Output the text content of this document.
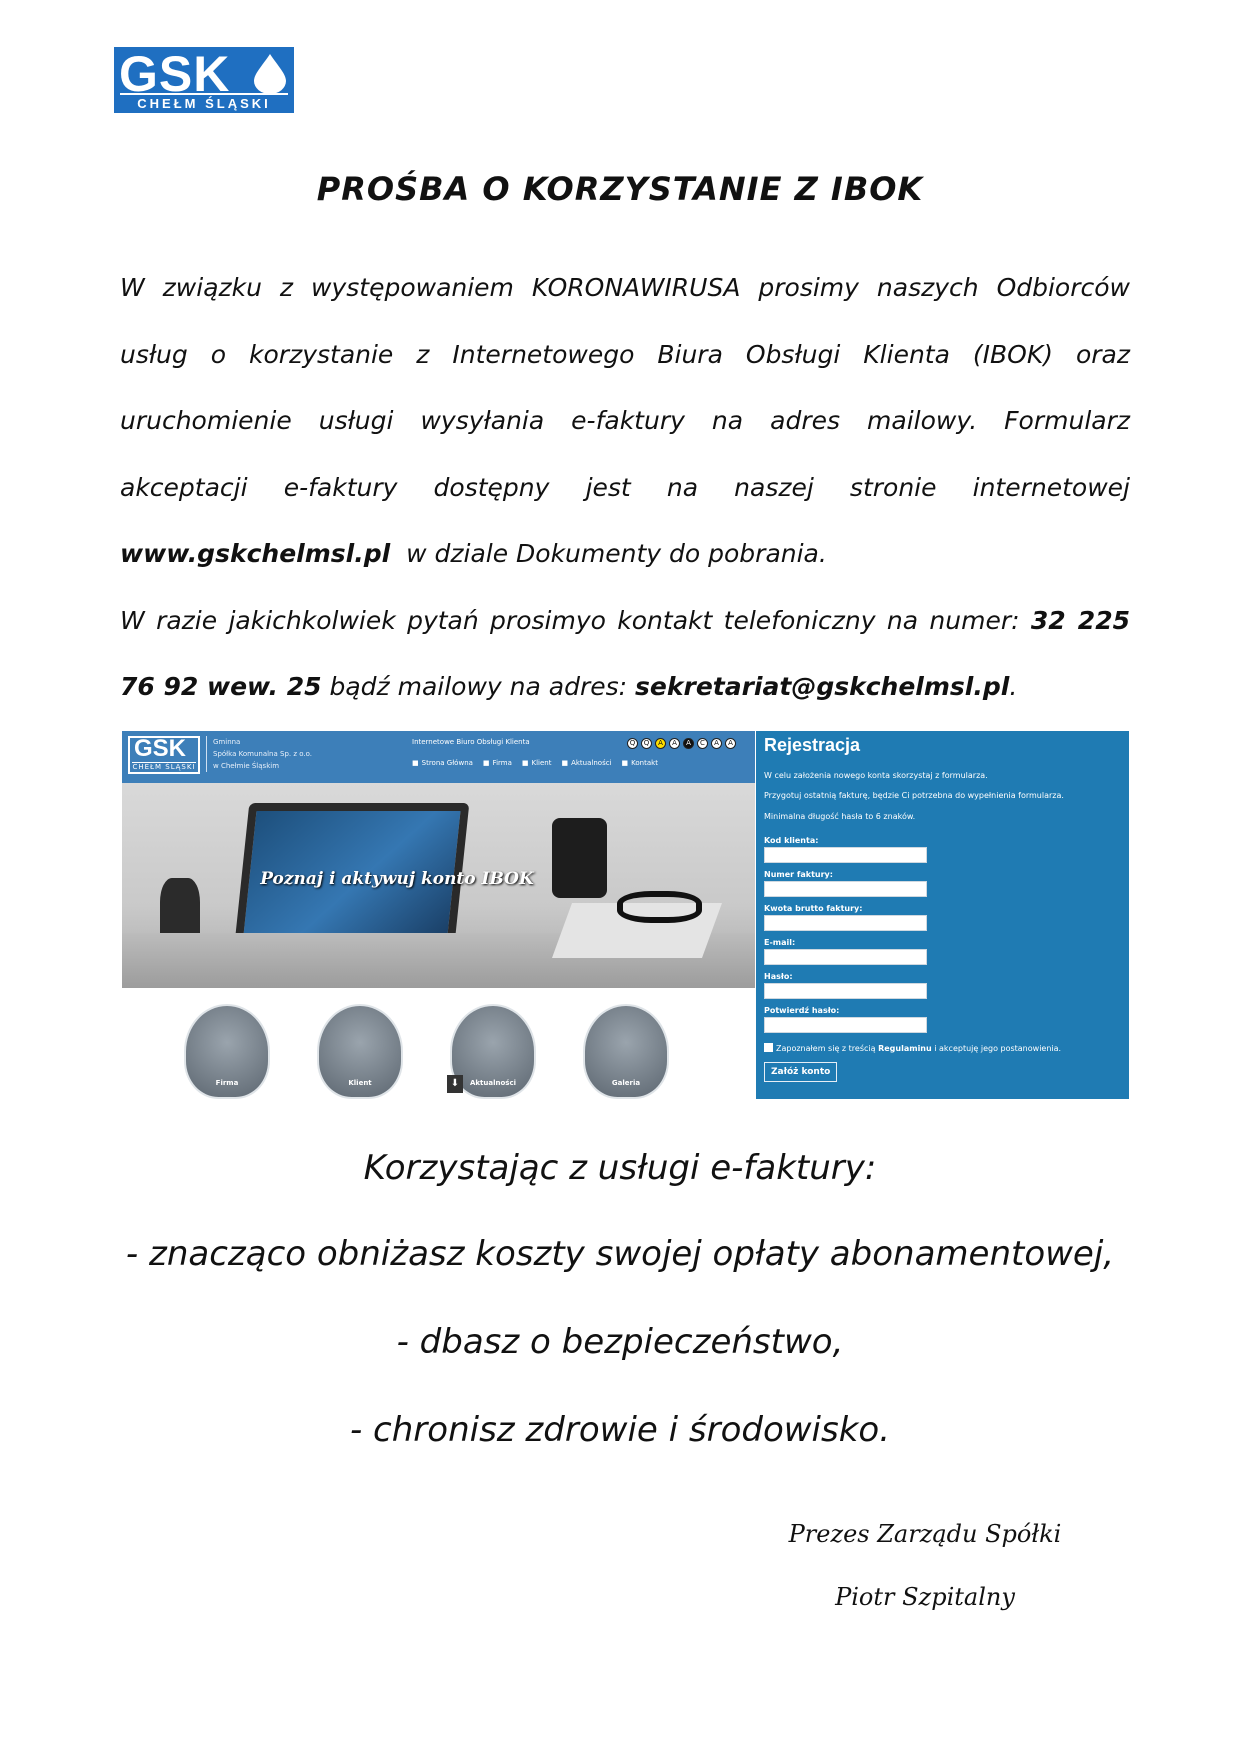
GSK
CHEŁM ŚLĄSKI
PROŚBA O KORZYSTANIE Z IBOK
W związku z występowaniem KORONAWIRUSA prosimy naszych Odbiorców usług o korzystanie z Internetowego Biura Obsługi Klienta (IBOK) oraz uruchomienie usługi wysyłania e-faktury na adres mailowy. Formularz akceptacji e-faktury dostępny jest na naszej stronie internetowej www.gskchelmsl.pl w dziale Dokumenty do pobrania.
W razie jakichkolwiek pytań prosimyo kontakt telefoniczny na numer: 32 225 76 92 wew. 25 bądź mailowy na adres: sekretariat@gskchelmsl.pl.
GSK
CHEŁM ŚLĄSKI
Gminna
Spółka Komunalna Sp. z o.o.
w Chełmie Śląskim
Internetowe Biuro Obsługi Klienta
■ Strona Główna	■ Firma	■ Klient	■ Aktualności	■ Kontakt
Q	Q	A	A	A	C	A	A
Poznaj i aktywuj konto IBOK
Firma	Klient	Aktualności
⬇	Galeria
Rejestracja
W celu założenia nowego konta skorzystaj z formularza.
Przygotuj ostatnią fakturę, będzie Ci potrzebna do wypełnienia formularza.
Minimalna długość hasła to 6 znaków.
Kod klienta:
Numer faktury:
Kwota brutto faktury:
E-mail:
Hasło:
Potwierdź hasło:
Zapoznałem się z treścią Regulaminu i akceptuję jego postanowienia.
Załóż konto
Korzystając z usługi e-faktury:
- znacząco obniżasz koszty swojej opłaty abonamentowej,
- dbasz o bezpieczeństwo,
- chronisz zdrowie i środowisko.
Prezes Zarządu Spółki
Piotr Szpitalny
